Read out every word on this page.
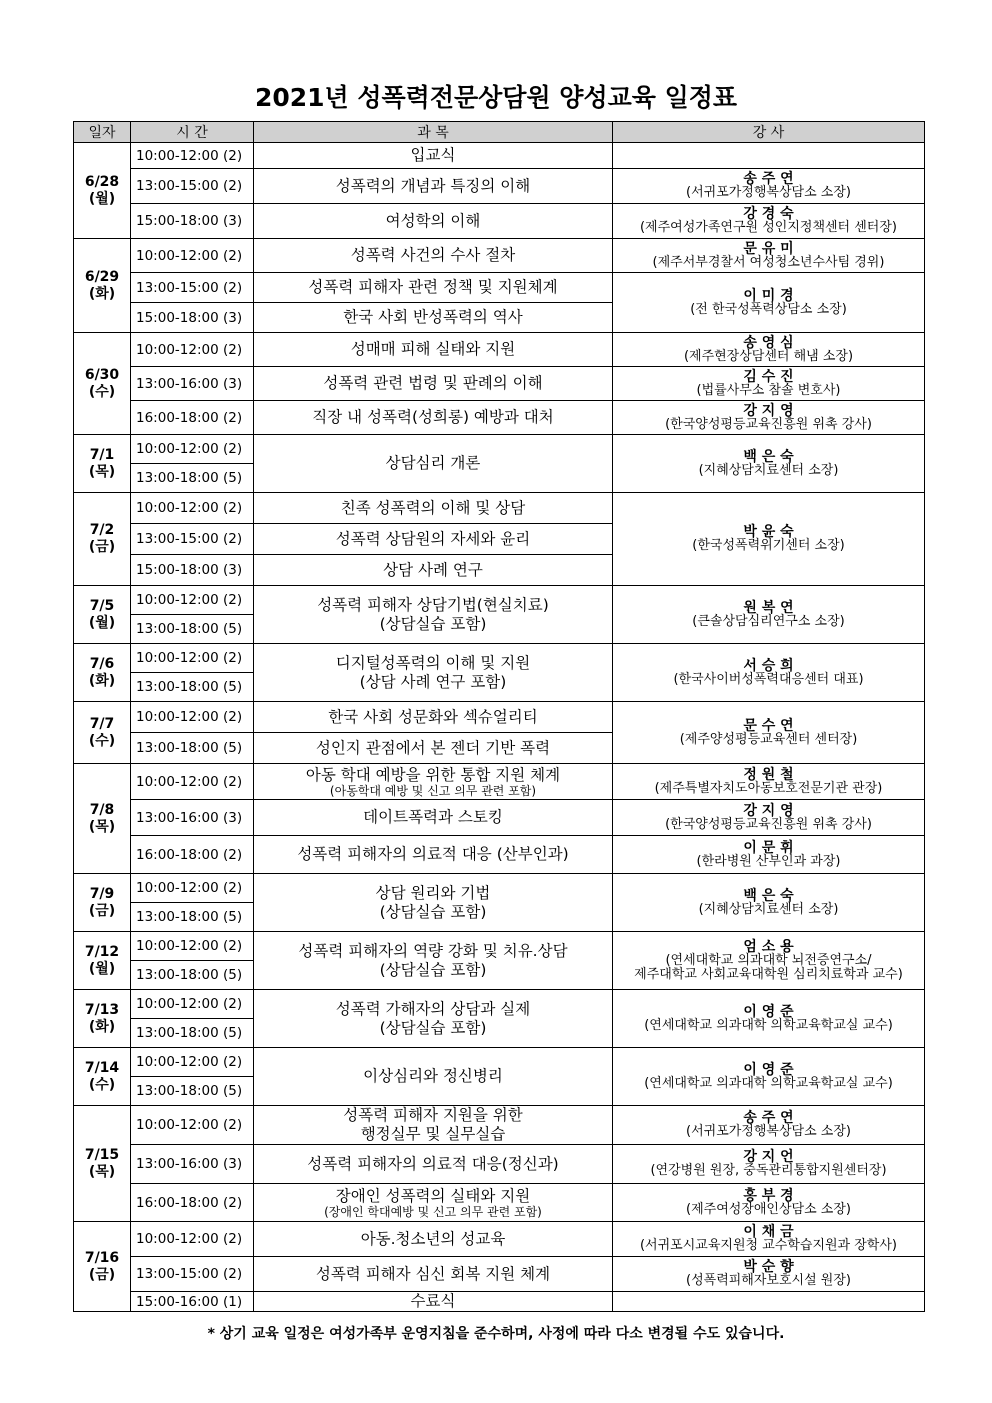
2021년 성폭력전문상담원 양성교육 일정표
일자	시 간	과 목	강 사

6/28
(월)	10:00-12:00 (2)	입교식	

	13:00-15:00 (2)	성폭력의 개념과 특징의 이해	송 주 연
(서귀포가정행복상담소 소장)

	15:00-18:00 (3)	여성학의 이해	강 경 숙
(제주여성가족연구원 성인지정책센터 센터장)

6/29
(화)	10:00-12:00 (2)	성폭력 사건의 수사 절차	문 유 미
(제주서부경찰서 여성청소년수사팀 경위)

	13:00-15:00 (2)	성폭력 피해자 관련 정책 및 지원체계	이 미 경
(전 한국성폭력상담소 소장)

	15:00-18:00 (3)	한국 사회 반성폭력의 역사	

6/30
(수)	10:00-12:00 (2)	성매매 피해 실태와 지원	송 영 심
(제주현장상담센터 해냄 소장)

	13:00-16:00 (3)	성폭력 관련 법령 및 판례의 이해	김 수 진
(법률사무소 참솔 변호사)

	16:00-18:00 (2)	직장 내 성폭력(성희롱) 예방과 대처	강 지 영
(한국양성평등교육진흥원 위촉 강사)

7/1
(목)	10:00-12:00 (2)	상담심리 개론	백 은 숙
(지혜상담치료센터 소장)

	13:00-18:00 (5)		

7/2
(금)	10:00-12:00 (2)	친족 성폭력의 이해 및 상담	박 윤 숙
(한국성폭력위기센터 소장)

	13:00-15:00 (2)	성폭력 상담원의 자세와 윤리	

	15:00-18:00 (3)	상담 사례 연구	

7/5
(월)	10:00-12:00 (2)	성폭력 피해자 상담기법(현실치료)
(상담실습 포함)	원 복 연
(큰솔상담심리연구소 소장)

	13:00-18:00 (5)		

7/6
(화)	10:00-12:00 (2)	디지털성폭력의 이해 및 지원
(상담 사례 연구 포함)	서 승 희
(한국사이버성폭력대응센터 대표)

	13:00-18:00 (5)		

7/7
(수)	10:00-12:00 (2)	한국 사회 성문화와 섹슈얼리티	문 수 연
(제주양성평등교육센터 센터장)

	13:00-18:00 (5)	성인지 관점에서 본 젠더 기반 폭력	

7/8
(목)	10:00-12:00 (2)	아동 학대 예방을 위한 통합 지원 체계
(아동학대 예방 및 신고 의무 관련 포함)	정 원 철
(제주특별자치도아동보호전문기관 관장)

	13:00-16:00 (3)	데이트폭력과 스토킹	강 지 영
(한국양성평등교육진흥원 위촉 강사)

	16:00-18:00 (2)	성폭력 피해자의 의료적 대응 (산부인과)	이 문 휘
(한라병원 산부인과 과장)

7/9
(금)	10:00-12:00 (2)	상담 원리와 기법
(상담실습 포함)	백 은 숙
(지혜상담치료센터 소장)

	13:00-18:00 (5)		

7/12
(월)	10:00-12:00 (2)	성폭력 피해자의 역량 강화 및 치유.상담
(상담실습 포함)	엄 소 용
(연세대학교 의과대학 뇌전증연구소/
제주대학교 사회교육대학원 심리치료학과 교수)

	13:00-18:00 (5)		

7/13
(화)	10:00-12:00 (2)	성폭력 가해자의 상담과 실제
(상담실습 포함)	이 영 준
(연세대학교 의과대학 의학교육학교실 교수)

	13:00-18:00 (5)		

7/14
(수)	10:00-12:00 (2)	이상심리와 정신병리	이 영 준
(연세대학교 의과대학 의학교육학교실 교수)

	13:00-18:00 (5)		

7/15
(목)	10:00-12:00 (2)	성폭력 피해자 지원을 위한
행정실무 및 실무실습	송 주 연
(서귀포가정행복상담소 소장)

	13:00-16:00 (3)	성폭력 피해자의 의료적 대응(정신과)	강 지 언
(연강병원 원장, 중독관리통합지원센터장)

	16:00-18:00 (2)	장애인 성폭력의 실태와 지원
(장애인 학대예방 및 신고 의무 관련 포함)	홍 부 경
(제주여성장애인상담소 소장)

7/16
(금)	10:00-12:00 (2)	아동.청소년의 성교육	이 채 금
(서귀포시교육지원청 교수학습지원과 장학사)

	13:00-15:00 (2)	성폭력 피해자 심신 회복 지원 체계	박 순 향
(성폭력피해자보호시설 원장)

	15:00-16:00 (1)	수료식	

* 상기 교육 일정은 여성가족부 운영지침을 준수하며, 사정에 따라 다소 변경될 수도 있습니다.
